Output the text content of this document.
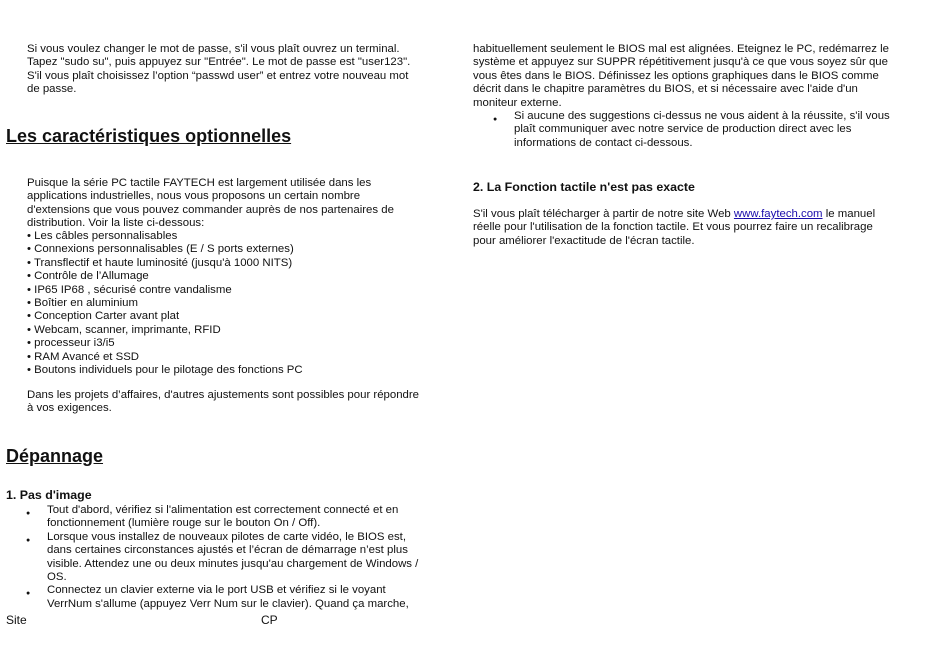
Si vous voulez changer le mot de passe, s'il vous plaît ouvrez un terminal.

Tapez "sudo su", puis appuyez sur "Entrée". Le mot de passe est "user123".

S'il vous plaît choisissez l’option “passwd user” et entrez votre nouveau mot

de passe.

Les caractéristiques optionnelles

Puisque la série PC tactile FAYTECH est largement utilisée dans les

applications industrielles, nous vous proposons un certain nombre

d'extensions que vous pouvez commander auprès de nos partenaires de

distribution. Voir la liste ci-dessous:

• Les câbles personnalisables

• Connexions personnalisables (E / S ports externes)

• Transflectif et haute luminosité (jusqu'à 1000 NITS)

• Contrôle de l’Allumage

• IP65 IP68 , sécurisé contre vandalisme

• Boîtier en aluminium

• Conception Carter avant plat

• Webcam, scanner, imprimante, RFID

• processeur i3/i5

• RAM Avancé et SSD

• Boutons individuels pour le pilotage des fonctions PC

Dans les projets d’affaires, d'autres ajustements sont possibles pour répondre

à vos exigences.

Dépannage
1. Pas d'image
● Tout d'abord, vérifiez si l'alimentation est correctement connecté et en

fonctionnement (lumière rouge sur le bouton On / Off).

● Lorsque vous installez de nouveaux pilotes de carte vidéo, le BIOS est,

dans certaines circonstances ajustés et l’écran de démarrage n’est plus

visible. Attendez une ou deux minutes jusqu'au chargement de Windows /

OS.

● Connectez un clavier externe via le port USB et vérifiez si le voyant

VerrNum s'allume (appuyez Verr Num sur le clavier). Quand ça marche,

Site	CP

habituellement seulement le BIOS mal est alignées. Eteignez le PC, redémarrez le

système et appuyez sur SUPPR répétitivement jusqu'à ce que vous soyez sûr que

vous êtes dans le BIOS. Définissez les options graphiques dans le BIOS comme

décrit dans le chapitre paramètres du BIOS, et si nécessaire avec l'aide d'un

moniteur externe.

● Si aucune des suggestions ci-dessus ne vous aident à la réussite, s'il vous

plaît communiquer avec notre service de production direct avec les

informations de contact ci-dessous.

2. La Fonction tactile n'est pas exacte

S'il vous plaît télécharger à partir de notre site Web www.faytech.com le manuel

réelle pour l'utilisation de la fonction tactile. Et vous pourrez faire un recalibrage

pour améliorer l'exactitude de l'écran tactile.
